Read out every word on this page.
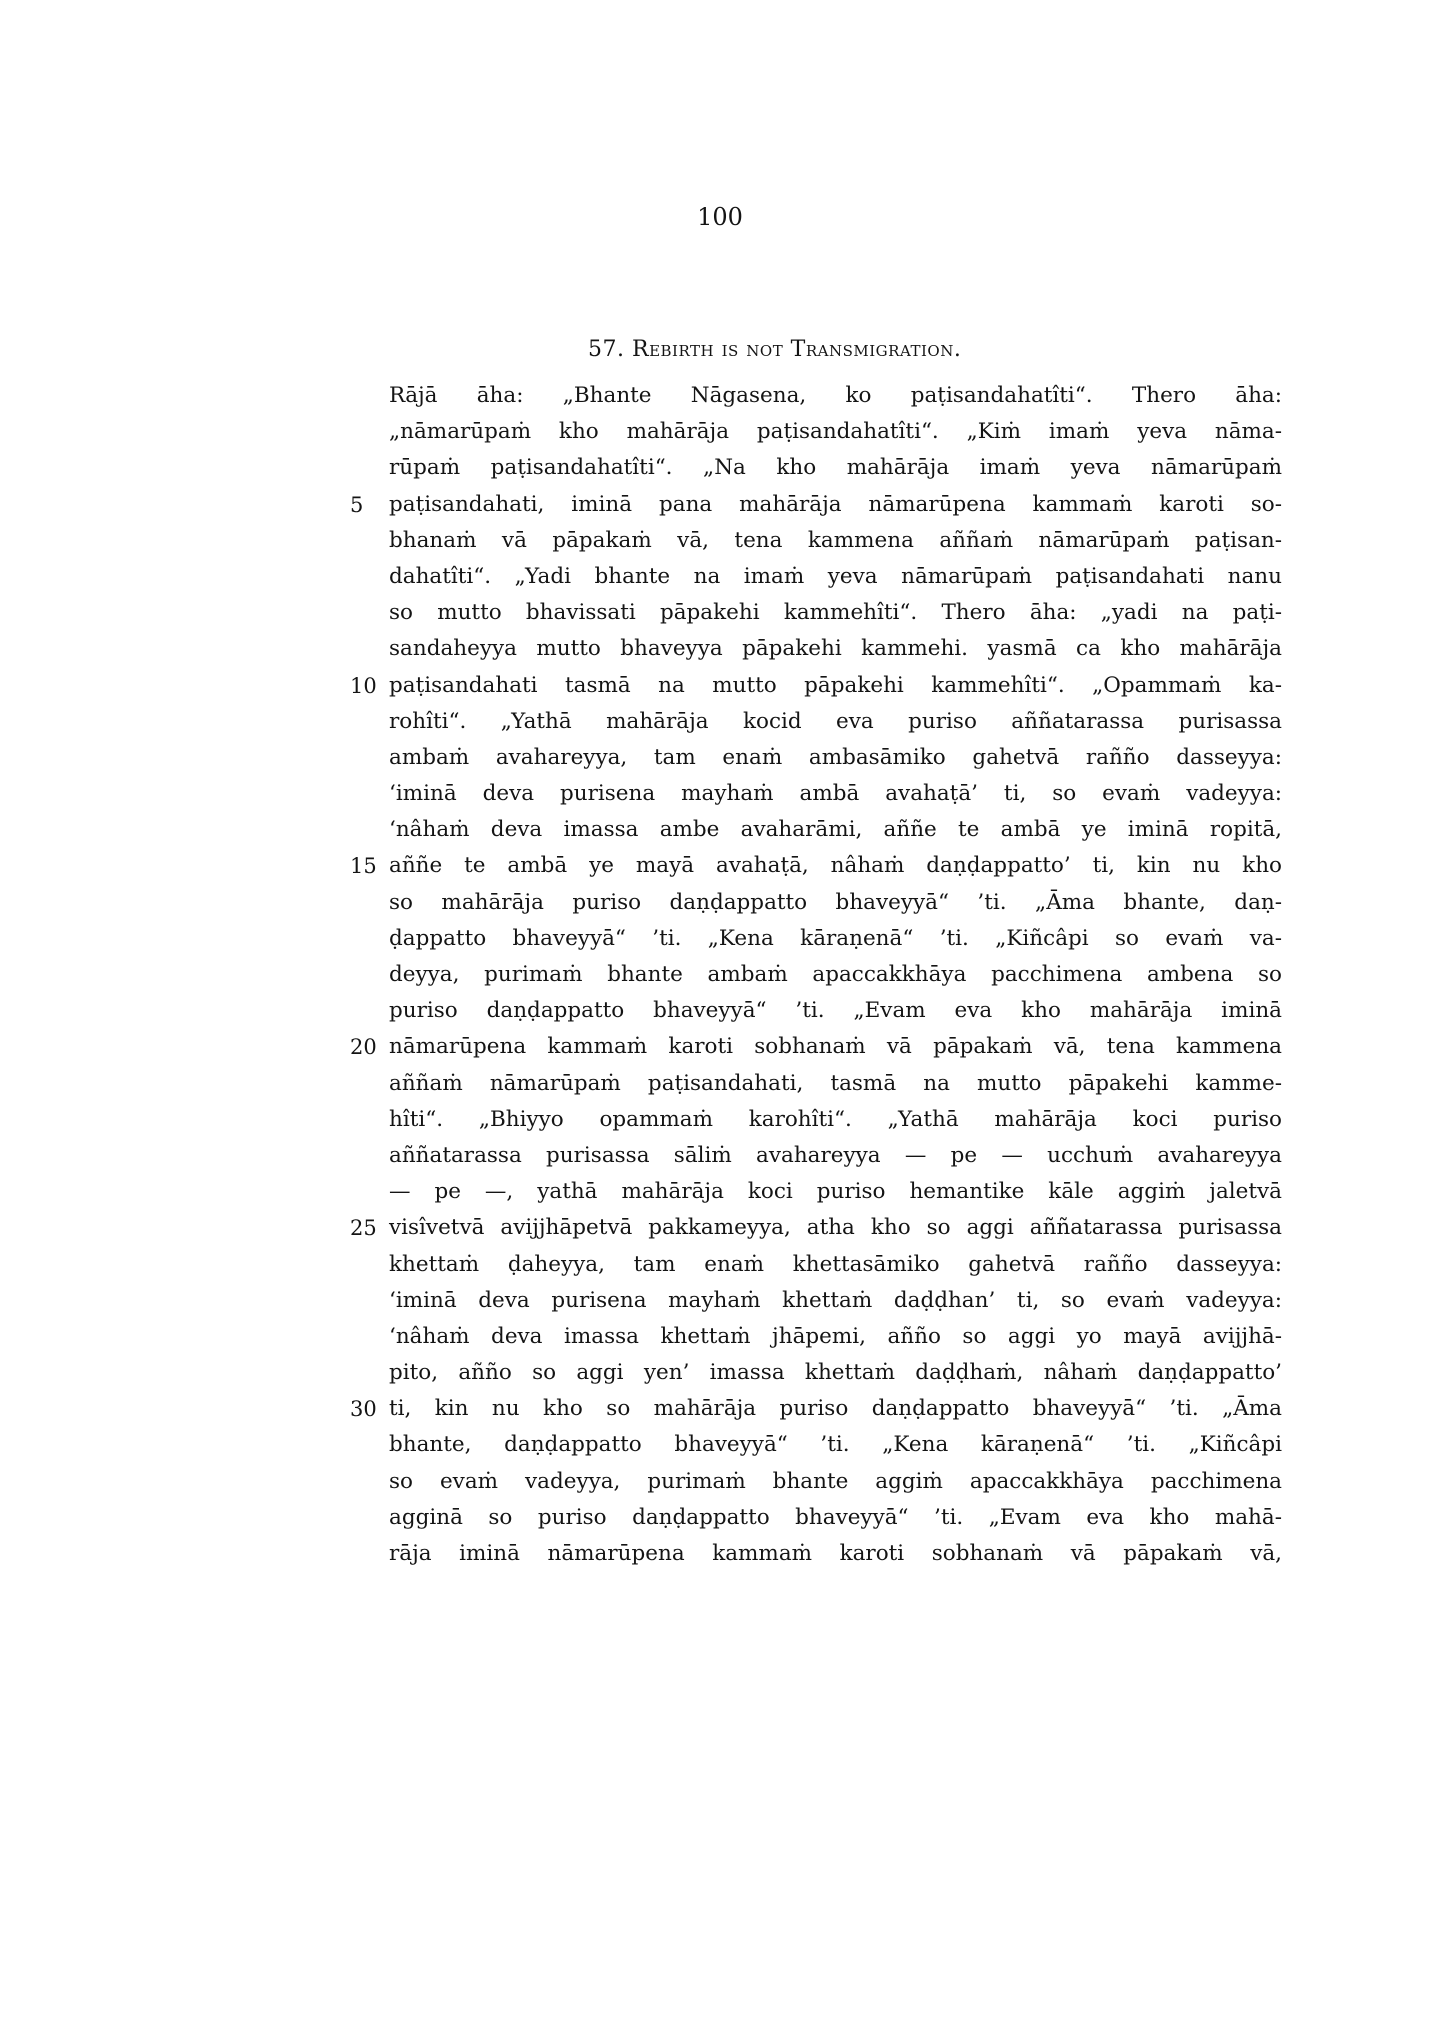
100
57. Rebirth is not Transmigration.
Rājā āha: „Bhante Nāgasena, ko paṭisandahatîti“. Thero āha:
„nāmarūpaṁ kho mahārāja paṭisandahatîti“. „Kiṁ imaṁ yeva nāma-
rūpaṁ paṭisandahatîti“. „Na kho mahārāja imaṁ yeva nāmarūpaṁ
5	paṭisandahati, iminā pana mahārāja nāmarūpena kammaṁ karoti so-
bhanaṁ vā pāpakaṁ vā, tena kammena aññaṁ nāmarūpaṁ paṭisan-
dahatîti“. „Yadi bhante na imaṁ yeva nāmarūpaṁ paṭisandahati nanu
so mutto bhavissati pāpakehi kammehîti“. Thero āha: „yadi na paṭi-
sandaheyya mutto bhaveyya pāpakehi kammehi. yasmā ca kho mahārāja
10 paṭisandahati tasmā na mutto pāpakehi kammehîti“. „Opammaṁ ka-
rohîti“. „Yathā mahārāja kocid eva puriso aññatarassa purisassa
ambaṁ avahareyya, tam enaṁ ambasāmiko gahetvā rañño dasseyya:
‘iminā deva purisena mayhaṁ ambā avahaṭā’ ti, so evaṁ vadeyya:
‘nâhaṁ deva imassa ambe avaharāmi, aññe te ambā ye iminā ropitā,
15 aññe te ambā ye mayā avahaṭā, nâhaṁ daṇḍappatto’ ti, kin nu kho
so mahārāja puriso daṇḍappatto bhaveyyā“ ’ti. „Āma bhante, daṇ-
ḍappatto bhaveyyā“ ’ti. „Kena kāraṇenā“ ’ti. „Kiñcâpi so evaṁ va-
deyya, purimaṁ bhante ambaṁ apaccakkhāya pacchimena ambena so
puriso daṇḍappatto bhaveyyā“ ’ti. „Evam eva kho mahārāja iminā
20 nāmarūpena kammaṁ karoti sobhanaṁ vā pāpakaṁ vā, tena kammena
aññaṁ nāmarūpaṁ paṭisandahati, tasmā na mutto pāpakehi kamme-
hîti“. „Bhiyyo opammaṁ karohîti“. „Yathā mahārāja koci puriso
aññatarassa purisassa sāliṁ avahareyya — pe — ucchuṁ avahareyya
— pe —, yathā mahārāja koci puriso hemantike kāle aggiṁ jaletvā
25 visîvetvā avijjhāpetvā pakkameyya, atha kho so aggi aññatarassa purisassa
khettaṁ ḍaheyya, tam enaṁ khettasāmiko gahetvā rañño dasseyya:
‘iminā deva purisena mayhaṁ khettaṁ daḍḍhan’ ti, so evaṁ vadeyya:
‘nâhaṁ deva imassa khettaṁ jhāpemi, añño so aggi yo mayā avijjhā-
pito, añño so aggi yen’ imassa khettaṁ daḍḍhaṁ, nâhaṁ daṇḍappatto’
30 ti, kin nu kho so mahārāja puriso daṇḍappatto bhaveyyā“ ’ti. „Āma
bhante, daṇḍappatto bhaveyyā“ ’ti. „Kena kāraṇenā“ ’ti. „Kiñcâpi
so evaṁ vadeyya, purimaṁ bhante aggiṁ apaccakkhāya pacchimena
agginā so puriso daṇḍappatto bhaveyyā“ ’ti. „Evam eva kho mahā-
rāja iminā nāmarūpena kammaṁ karoti sobhanaṁ vā pāpakaṁ vā,
